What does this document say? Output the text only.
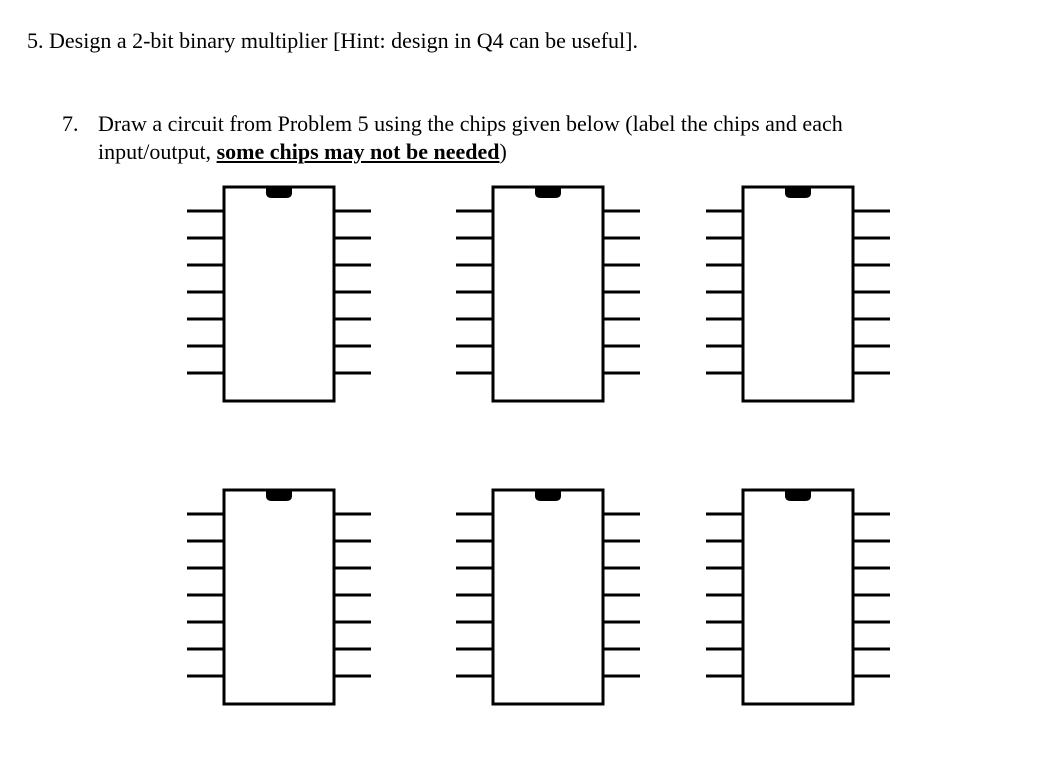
5. Design a 2-bit binary multiplier [Hint: design in Q4 can be useful].
7. Draw a circuit from Problem 5 using the chips given below (label the chips and each
input/output, some chips may not be needed)
